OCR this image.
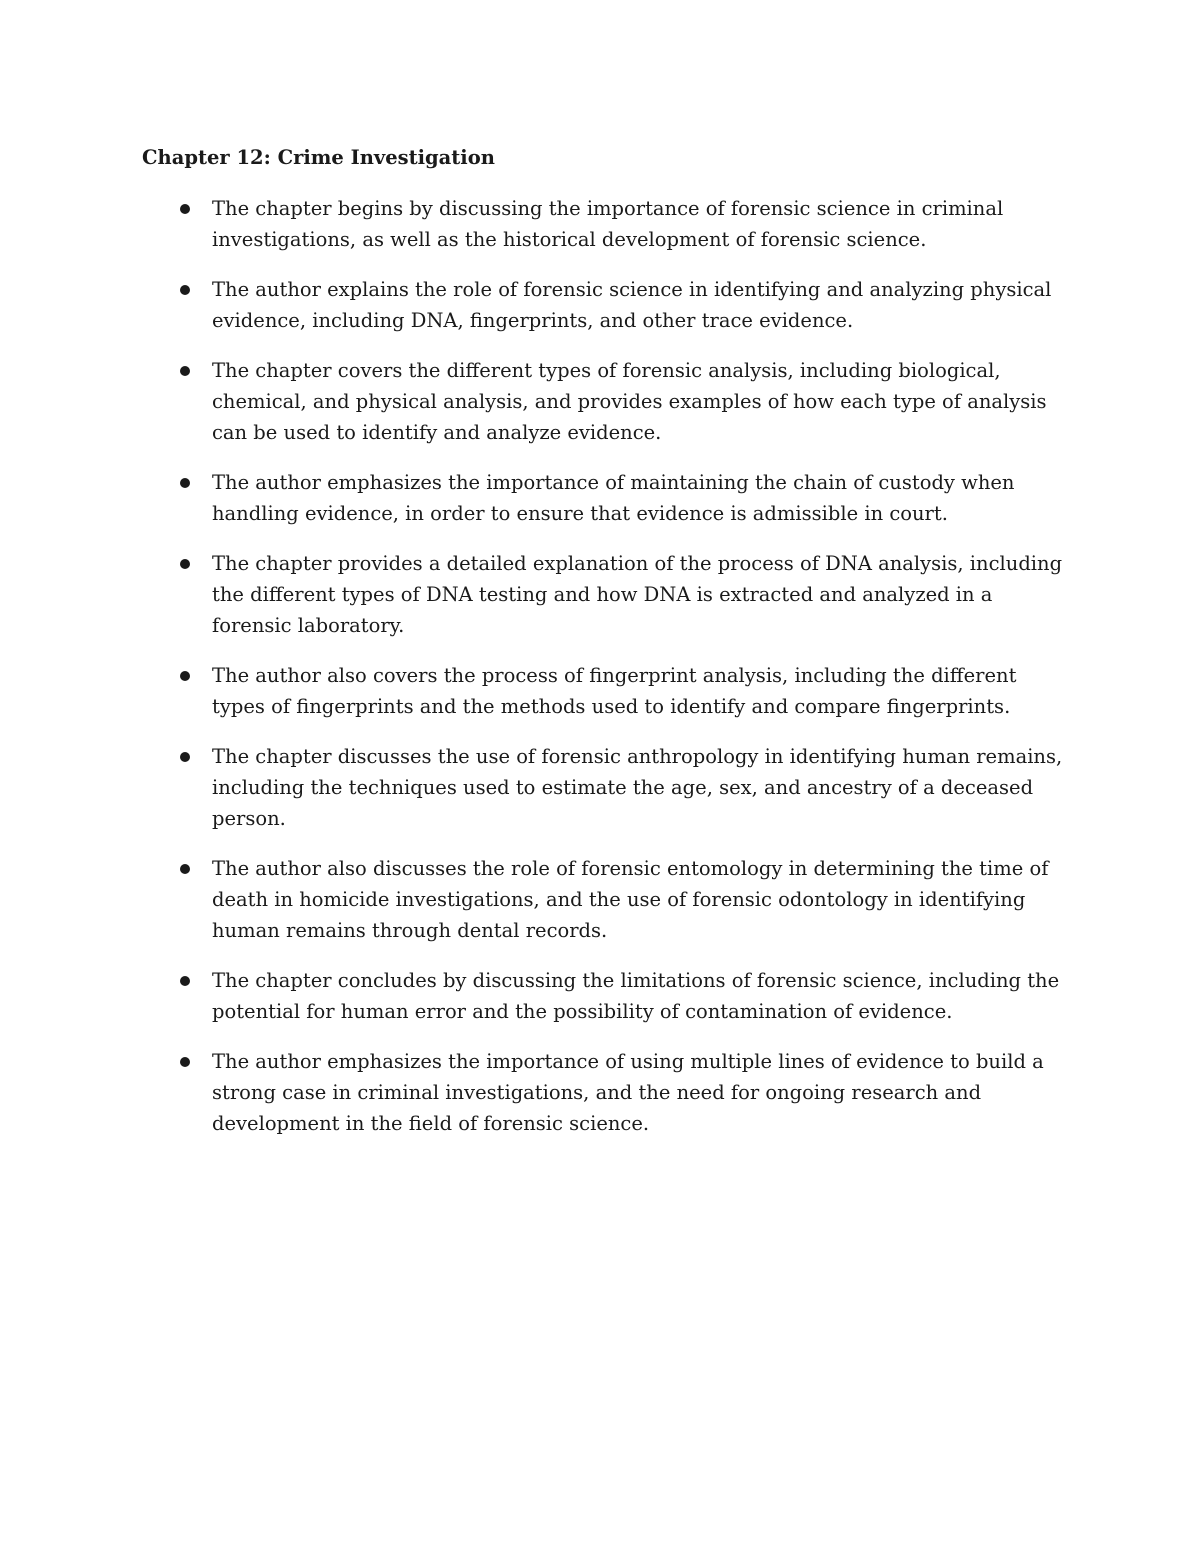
Chapter 12: Crime Investigation
The chapter begins by discussing the importance of forensic science in criminal investigations, as well as the historical development of forensic science.
The author explains the role of forensic science in identifying and analyzing physical evidence, including DNA, fingerprints, and other trace evidence.
The chapter covers the different types of forensic analysis, including biological, chemical, and physical analysis, and provides examples of how each type of analysis can be used to identify and analyze evidence.
The author emphasizes the importance of maintaining the chain of custody when handling evidence, in order to ensure that evidence is admissible in court.
The chapter provides a detailed explanation of the process of DNA analysis, including the different types of DNA testing and how DNA is extracted and analyzed in a forensic laboratory.
The author also covers the process of fingerprint analysis, including the different types of fingerprints and the methods used to identify and compare fingerprints.
The chapter discusses the use of forensic anthropology in identifying human remains, including the techniques used to estimate the age, sex, and ancestry of a deceased person.
The author also discusses the role of forensic entomology in determining the time of death in homicide investigations, and the use of forensic odontology in identifying human remains through dental records.
The chapter concludes by discussing the limitations of forensic science, including the potential for human error and the possibility of contamination of evidence.
The author emphasizes the importance of using multiple lines of evidence to build a strong case in criminal investigations, and the need for ongoing research and development in the field of forensic science.
